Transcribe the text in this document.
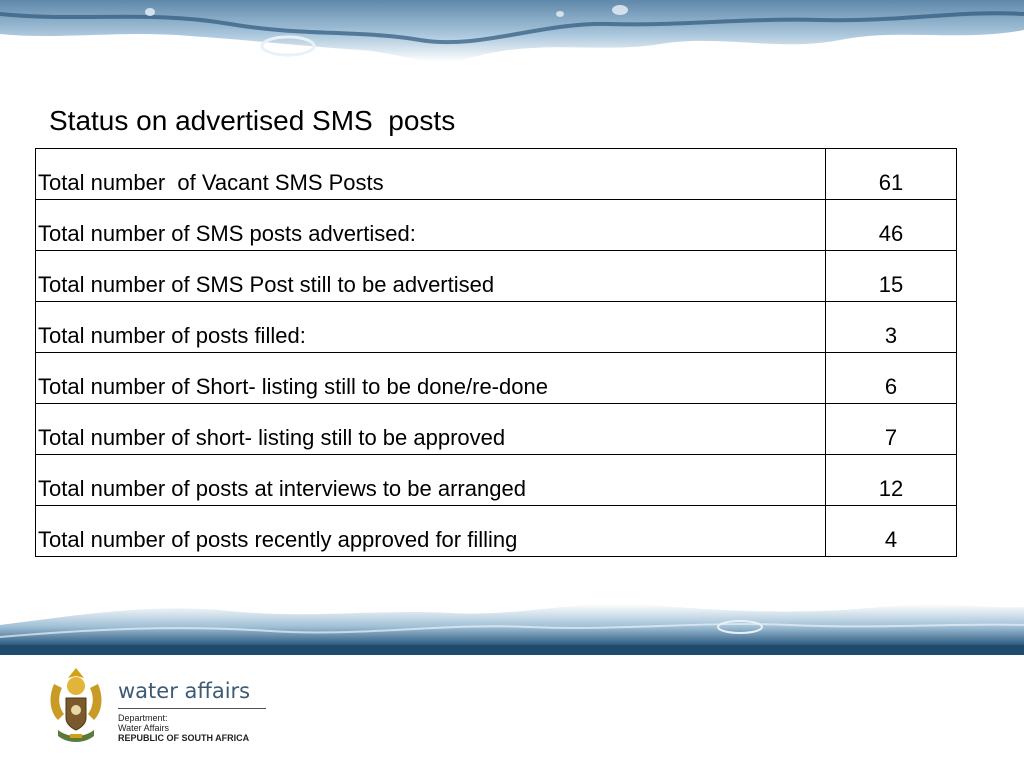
Status on advertised SMS  posts
Total number  of Vacant SMS Posts	61
Total number of SMS posts advertised:	46
Total number of SMS Post still to be advertised	15
Total number of posts filled:	3
Total number of Short- listing still to be done/re-done	6
Total number of short- listing still to be approved	7
Total number of posts at interviews to be arranged	12
Total number of posts recently approved for filling	4
water affairs
Department:
Water Affairs
REPUBLIC OF SOUTH AFRICA
